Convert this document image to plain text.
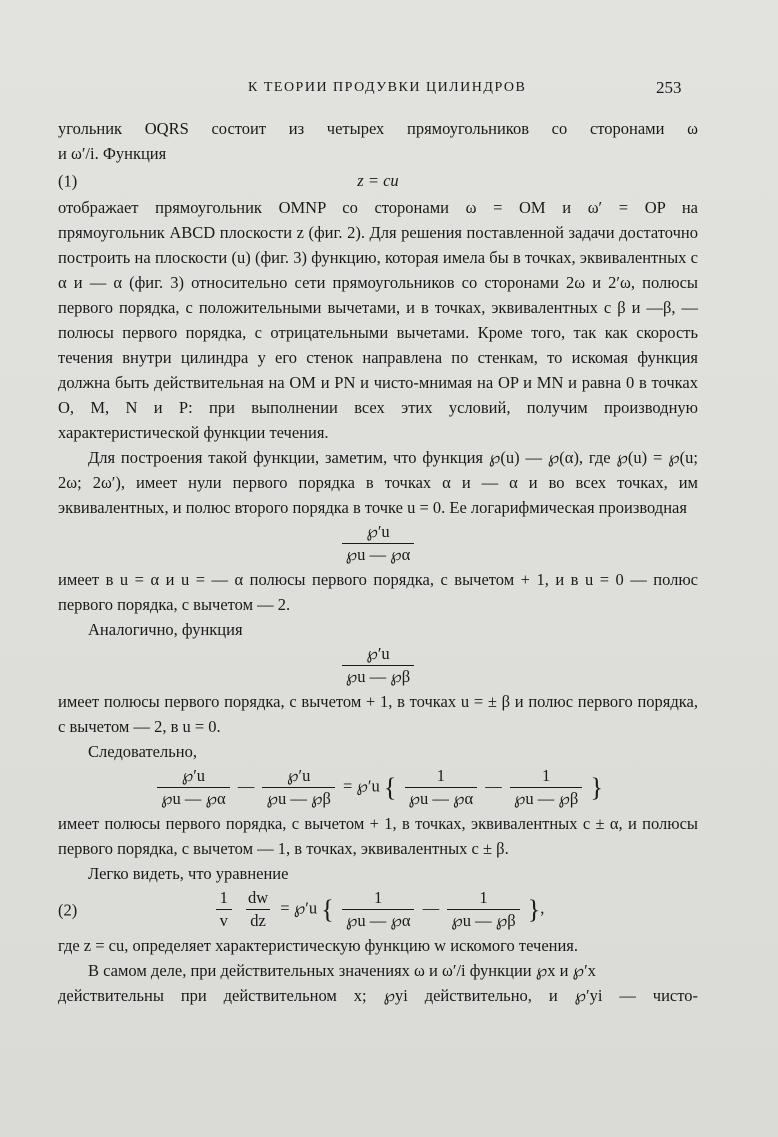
К ТЕОРИИ ПРОДУВКИ ЦИЛИНДРОВ	253

угольник OQRS состоит из четырех прямоугольников со сторонами ω

и ω′/i. Функция

(1)	z = cu

отображает прямоугольник OMNP со сторонами ω = OM и ω′ = OP на

прямоугольник ABCD плоскости z (фиг. 2). Для решения поставленной задачи достаточно построить на плоскости (u) (фиг. 3) функцию, которая имела бы в точках, эквивалентных с α и — α (фиг. 3) относительно сети прямоугольников со сторонами 2ω и 2′ω, полюсы первого порядка, с положительными вычетами, и в точках, эквивалентных с β и —β, — полюсы первого порядка, с отрицательными вычетами. Кроме того, так как скорость течения внутри цилиндра у его стенок направлена по стенкам, то искомая функция должна быть действительная на OM и PN и чисто-мнимая на OP и MN и равна 0 в точках O, M, N и P: при выполнении всех этих условий, получим производную характеристической функции течения.

Для построения такой функции, заметим, что функция ℘(u) — ℘(α), где ℘(u) = ℘(u; 2ω; 2ω′), имеет нули первого порядка в точках α и — α и во всех точках, им эквивалентных, и полюс второго порядка в точке u = 0. Ее логарифмическая производная

$\frac{℘'u}{℘u — ℘\alpha}$

имеет в u = α и u = — α полюсы первого порядка, с вычетом + 1, и в u = 0 — полюс первого порядка, с вычетом — 2.

Аналогично, функция

$\frac{℘'u}{℘u — ℘\beta}$

имеет полюсы первого порядка, с вычетом + 1, в точках u = ± β и полюс первого порядка, с вычетом — 2, в u = 0.

Следовательно,

$\frac{℘'u}{℘u — ℘\alpha}$ — $\frac{℘'u}{℘u — ℘\beta}$ = ℘′u { $\frac{1}{℘u — ℘\alpha}$ — $\frac{1}{℘u — ℘\beta}$ }

имеет полюсы первого порядка, с вычетом + 1, в точках, эквивалентных с ± α, и полюсы первого порядка, с вычетом — 1, в точках, эквивалентных с ± β.

Легко видеть, что уравнение

(2)	$\frac{1}{v}$
$\frac{dw}{dz}$ = ℘′u { $\frac{1}{℘u — ℘\alpha}$ — $\frac{1}{℘u — ℘\beta}$ },

где z = cu, определяет характеристическую функцию w искомого течения.

В самом деле, при действительных значениях ω и ω′/i функции ℘x и ℘′x

действительны при действительном x; ℘yi действительно, и ℘′yi — чисто-
